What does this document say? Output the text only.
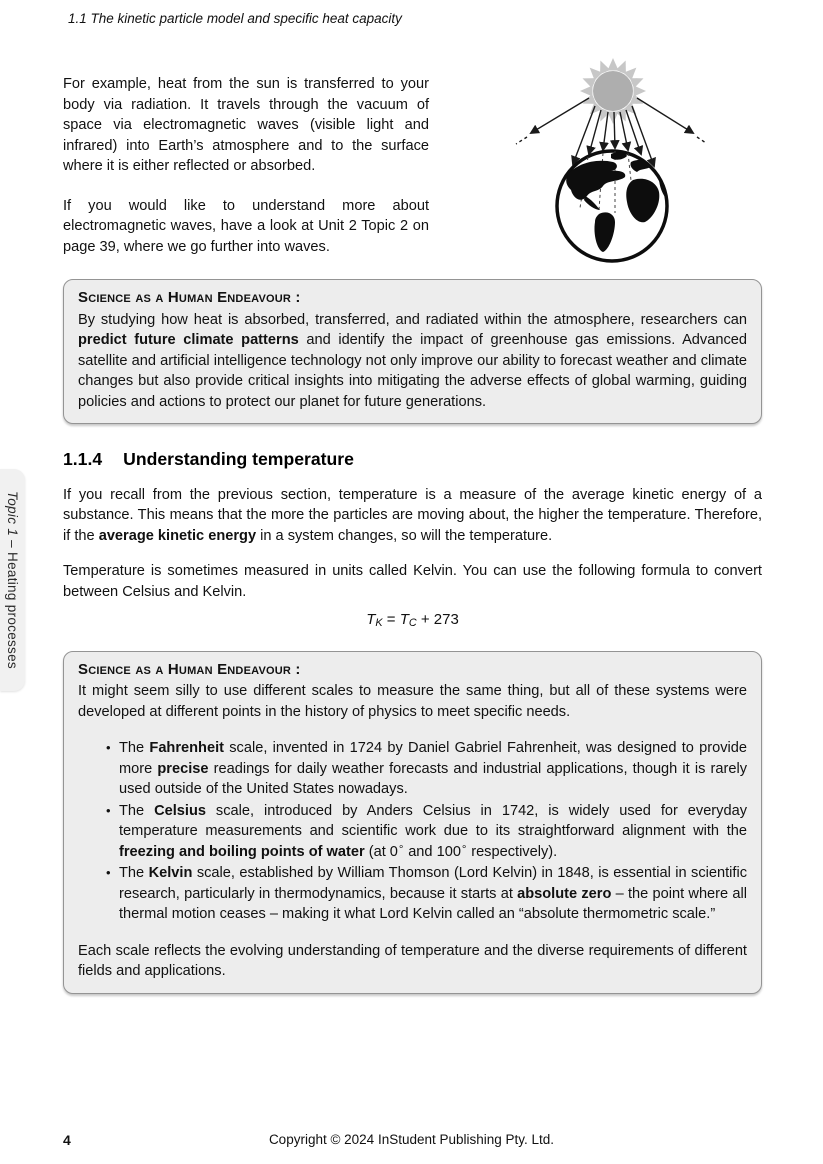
1.1 The kinetic particle model and specific heat capacity
Topic 1 – Heating processes

For example, heat from the sun is transferred to your body via radiation. It travels through the vacuum of space via electromagnetic waves (visible light and infrared) into Earth’s atmosphere and to the surface where it is either reflected or absorbed.

If you would like to understand more about electromagnetic waves, have a look at Unit 2 Topic 2 on page 39, where we go further into waves.

Science as a Human Endeavour :

By studying how heat is absorbed, transferred, and radiated within the atmosphere, researchers can predict future climate patterns and identify the impact of greenhouse gas emissions. Advanced satellite and artificial intelligence technology not only improve our ability to forecast weather and climate changes but also provide critical insights into mitigating the adverse effects of global warming, guiding policies and actions to protect our planet for future generations.

1.1.4 Understanding temperature

If you recall from the previous section, temperature is a measure of the average kinetic energy of a substance. This means that the more the particles are moving about, the higher the temperature. Therefore, if the average kinetic energy in a system changes, so will the temperature.

Temperature is sometimes measured in units called Kelvin. You can use the following formula to convert between Celsius and Kelvin.

$T_K = T_C + 273$
Science as a Human Endeavour :

It might seem silly to use different scales to measure the same thing, but all of these systems were developed at different points in the history of physics to meet specific needs.

• The Fahrenheit scale, invented in 1724 by Daniel Gabriel Fahrenheit, was designed to provide more precise readings for daily weather forecasts and industrial applications, though it is rarely used outside of the United States nowadays.
• The Celsius scale, introduced by Anders Celsius in 1742, is widely used for everyday temperature measurements and scientific work due to its straightforward alignment with the freezing and boiling points of water (at 0∘ and 100∘ respectively).
• The Kelvin scale, established by William Thomson (Lord Kelvin) in 1848, is essential in scientific research, particularly in thermodynamics, because it starts at absolute zero – the point where all thermal motion ceases – making it what Lord Kelvin called an “absolute thermometric scale.”

Each scale reflects the evolving understanding of temperature and the diverse requirements of different fields and applications.

4	Copyright © 2024 InStudent Publishing Pty. Ltd.
